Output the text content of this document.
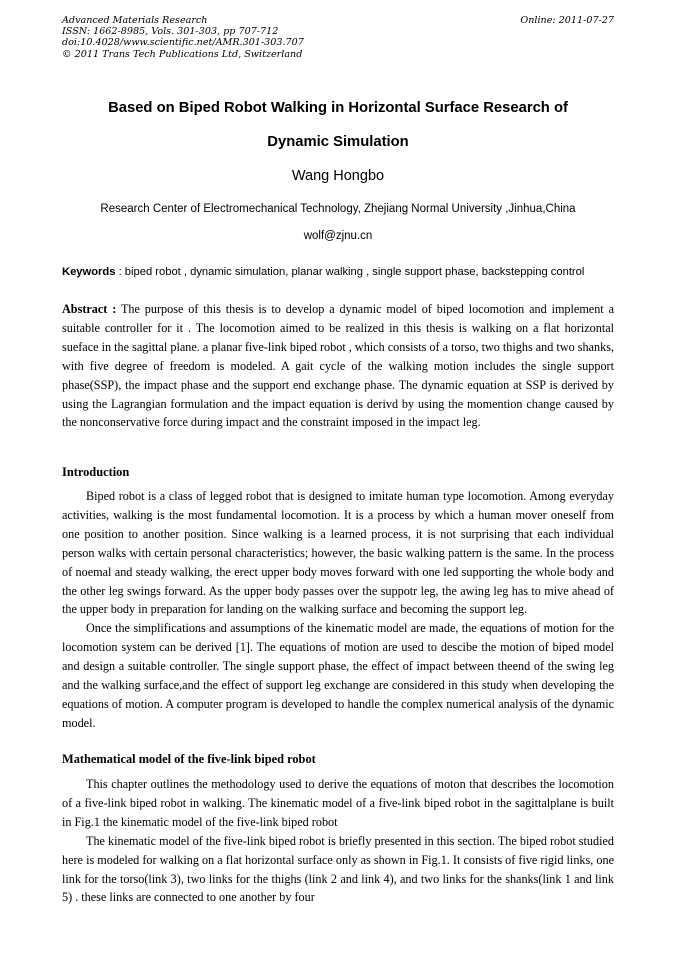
Advanced Materials Research
ISSN: 1662-8985, Vols. 301-303, pp 707-712
doi:10.4028/www.scientific.net/AMR.301-303.707
© 2011 Trans Tech Publications Ltd, Switzerland
Online: 2011-07-27
Based on Biped Robot Walking in Horizontal Surface Research of
Dynamic Simulation
Wang Hongbo
Research Center of Electromechanical Technology, Zhejiang Normal University ,Jinhua,China
wolf@zjnu.cn
Keywords : biped robot , dynamic simulation, planar walking , single support phase, backstepping control
Abstract : The purpose of this thesis is to develop a dynamic model of biped locomotion and implement a suitable controller for it . The locomotion aimed to be realized in this thesis is walking on a flat horizontal sueface in the sagittal plane. a planar five-link biped robot , which consists of a torso, two thighs and two shanks, with five degree of freedom is modeled. A gait cycle of the walking motion includes the single support phase(SSP), the impact phase and the support end exchange phase. The dynamic equation at SSP is derived by using the Lagrangian formulation and the impact equation is derivd by using the momention change caused by the nonconservative force during impact and the constraint imposed in the impact leg.
Introduction

Biped robot is a class of legged robot that is designed to imitate human type locomotion. Among everyday activities, walking is the most fundamental locomotion. It is a process by which a human mover oneself from one position to another position. Since walking is a learned process, it is not surprising that each individual person walks with certain personal characteristics; however, the basic walking pattern is the same. In the process of noemal and steady walking, the erect upper body moves forward with one led supporting the whole body and the other leg swings forward. As the upper body passes over the suppotr leg, the awing leg has to mive ahead of the upper body in preparation for landing on the walking surface and becoming the support leg.

Once the simplifications and assumptions of the kinematic model are made, the equations of motion for the locomotion system can be derived [1]. The equations of motion are used to descibe the motion of biped model and design a suitable controller. The single support phase, the effect of impact between theend of the swing leg and the walking surface,and the effect of support leg exchange are considered in this study when developing the equations of motion. A computer program is developed to handle the complex numerical analysis of the dynamic model.

Mathematical model of the five-link biped robot

This chapter outlines the methodology used to derive the equations of moton that describes the locomotion of a five-link biped robot in walking. The kinematic model of a five-link biped robot in the sagittalplane is built in Fig.1 the kinematic model of the five-link biped robot

The kinematic model of the five-link biped robot is briefly presented in this section. The biped robot studied here is modeled for walking on a flat horizontal surface only as shown in Fig.1. It consists of five rigid links, one link for the torso(link 3), two links for the thighs (link 2 and link 4), and two links for the shanks(link 1 and link 5) . these links are connected to one another by four
